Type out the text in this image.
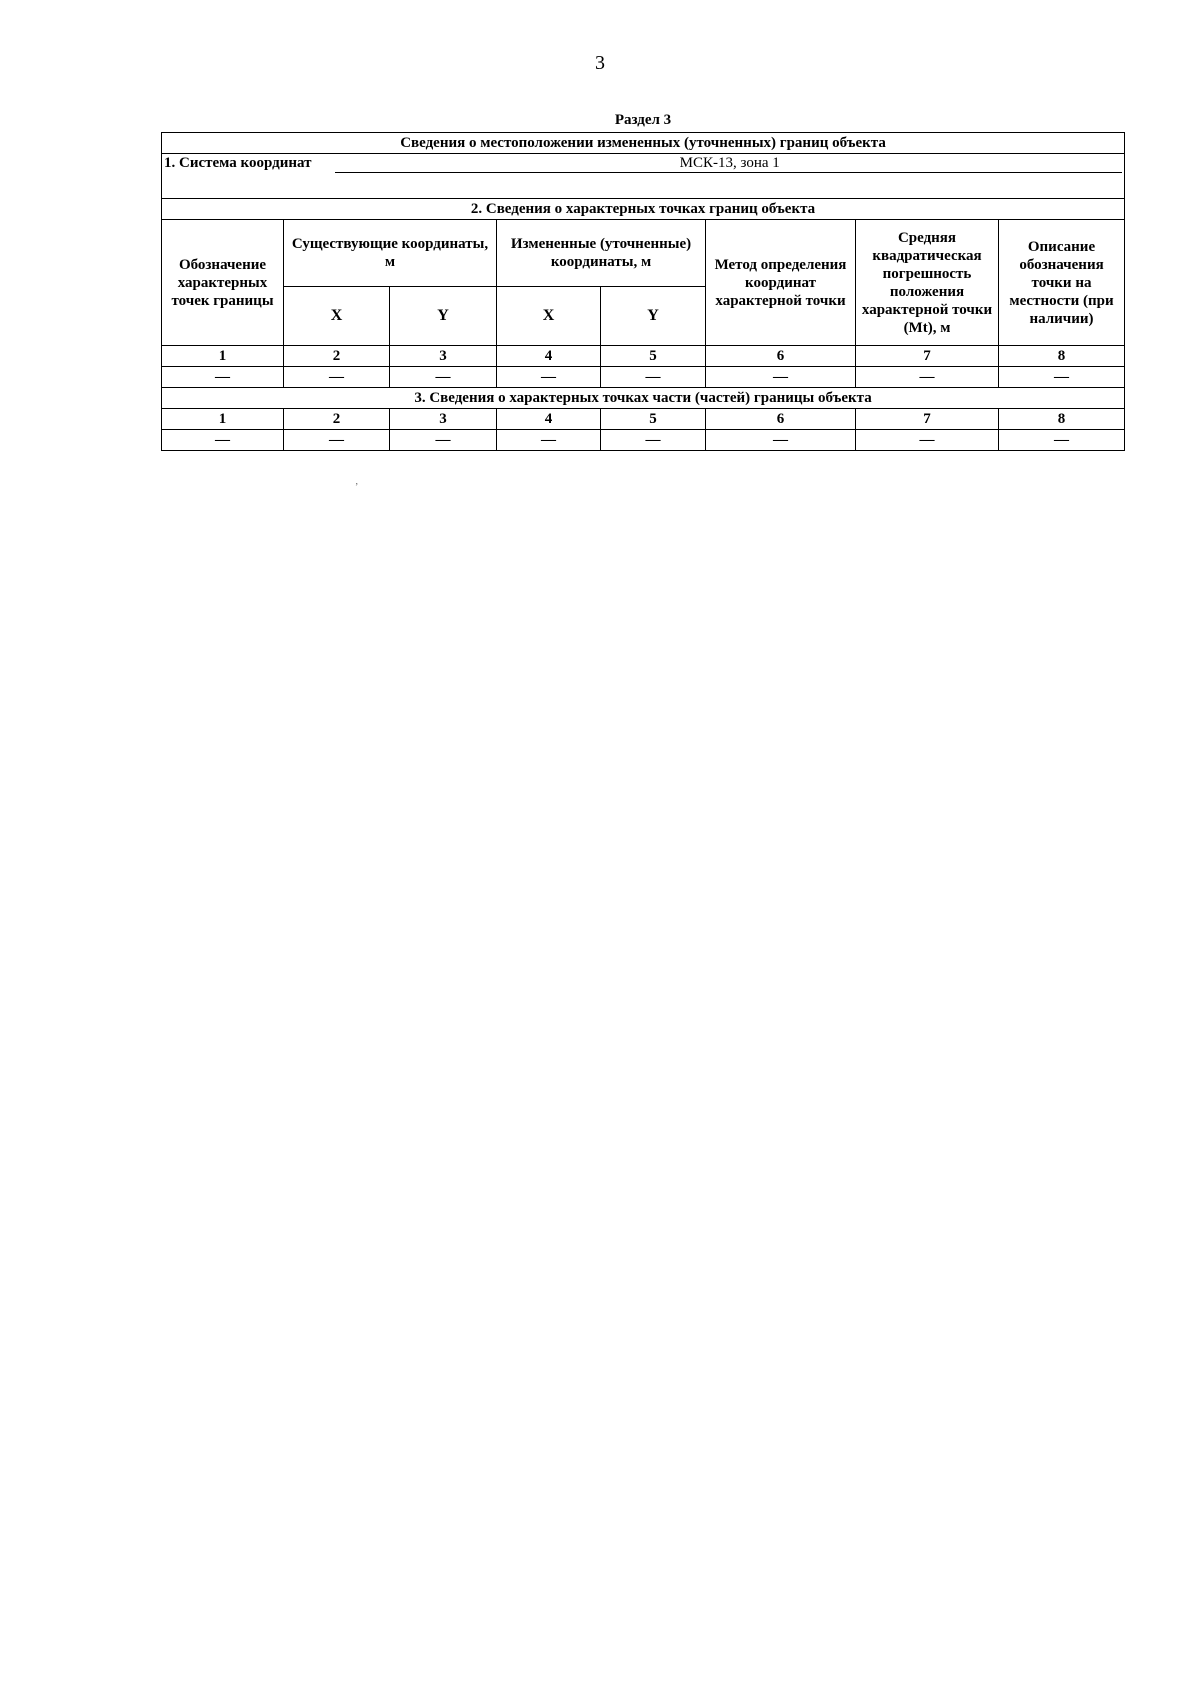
3
Раздел 3
Сведения о местоположении измененных (уточненных) границ объекта							

1. Система координат МСК-13, зона 1							

2. Сведения о характерных точках границ объекта							
Обозначение характерных точек границы	Существующие координаты, м		Измененные (уточненные) координаты, м		Метод определения координат характерной точки	Средняя квадратическая погрешность положения характерной точки (Mt), м	Описание обозначения точки на местности (при наличии)
	X	Y	X	Y			
1	2	3	4	5	6	7	8
—	—	—	—	—	—	—	—
3. Сведения о характерных точках части (частей) границы объекта							
1	2	3	4	5	6	7	8
—	—	—	—	—	—	—	—
ʼ
